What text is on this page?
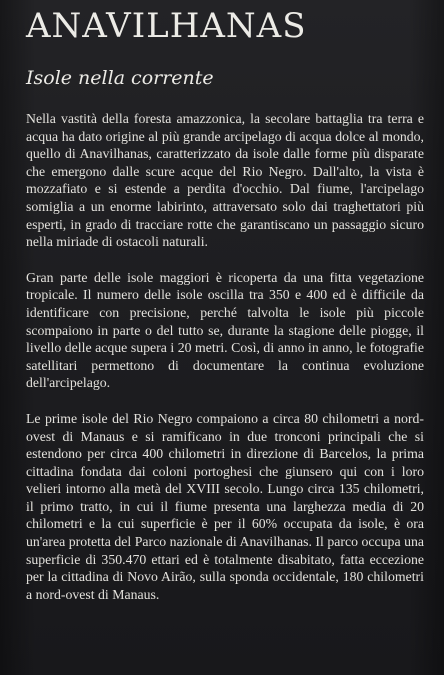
ANAVILHANAS
Isole nella corrente

Nella vastità della foresta amazzonica, la secolare battaglia tra terra e acqua ha dato origine al più grande arcipelago di acqua dolce al mondo, quello di Anavilhanas, caratterizzato da isole dalle forme più disparate che emergono dalle scure acque del Rio Negro. Dall'alto, la vista è mozzafiato e si estende a perdita d'occhio. Dal fiume, l'arcipelago somiglia a un enorme labirinto, attraversato solo dai traghettatori più esperti, in grado di tracciare rotte che garantiscano un passaggio sicuro nella miriade di ostacoli naturali.

Gran parte delle isole maggiori è ricoperta da una fitta vegetazione tropicale. Il numero delle isole oscilla tra 350 e 400 ed è difficile da identificare con precisione, perché talvolta le isole più piccole scompaiono in parte o del tutto se, durante la stagione delle piogge, il livello delle acque supera i 20 metri. Così, di anno in anno, le fotografie satellitari permettono di documentare la continua evoluzione dell'arcipelago.

Le prime isole del Rio Negro compaiono a circa 80 chilometri a nord-ovest di Manaus e si ramificano in due tronconi principali che si estendono per circa 400 chilometri in direzione di Barcelos, la prima cittadina fondata dai coloni portoghesi che giunsero qui con i loro velieri intorno alla metà del XVIII secolo. Lungo circa 135 chilometri, il primo tratto, in cui il fiume presenta una larghezza media di 20 chilometri e la cui superficie è per il 60% occupata da isole, è ora un'area protetta del Parco nazionale di Anavilhanas. Il parco occupa una superficie di 350.470 ettari ed è totalmente disabitato, fatta eccezione per la cittadina di Novo Airão, sulla sponda occidentale, 180 chilometri a nord-ovest di Manaus.
